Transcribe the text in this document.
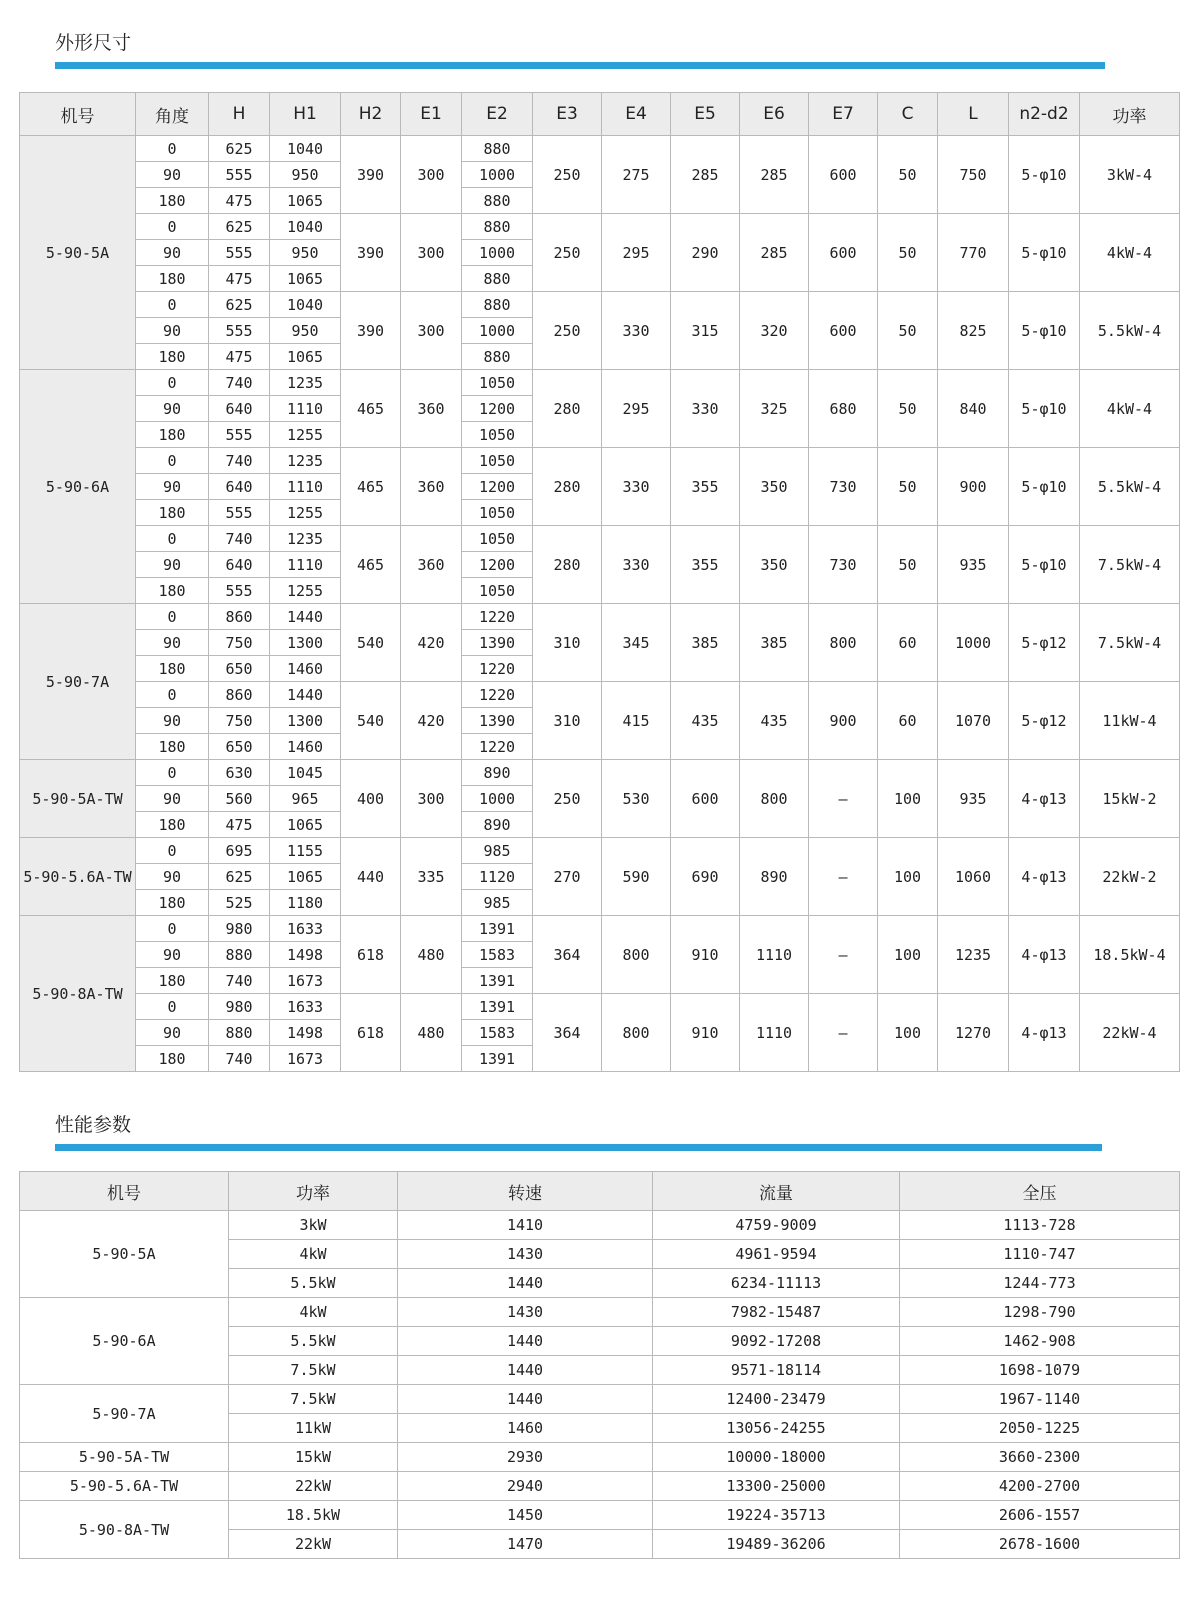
外形尺寸
机号	角度	H	H1	H2	E1	E2	E3	E4	E5	E6	E7	C	L	n2-d2	功率
5-90-5A	0	625	1040	390	300	880	250	275	285	285	600	50	750	5-φ10	3kW-4
	90	555	950			1000									
	180	475	1065			880									
	0	625	1040	390	300	880	250	295	290	285	600	50	770	5-φ10	4kW-4
	90	555	950			1000									
	180	475	1065			880									
	0	625	1040	390	300	880	250	330	315	320	600	50	825	5-φ10	5.5kW-4
	90	555	950			1000									
	180	475	1065			880									
5-90-6A	0	740	1235	465	360	1050	280	295	330	325	680	50	840	5-φ10	4kW-4
	90	640	1110			1200									
	180	555	1255			1050									
	0	740	1235	465	360	1050	280	330	355	350	730	50	900	5-φ10	5.5kW-4
	90	640	1110			1200									
	180	555	1255			1050									
	0	740	1235	465	360	1050	280	330	355	350	730	50	935	5-φ10	7.5kW-4
	90	640	1110			1200									
	180	555	1255			1050									
5-90-7A	0	860	1440	540	420	1220	310	345	385	385	800	60	1000	5-φ12	7.5kW-4
	90	750	1300			1390									
	180	650	1460			1220									
	0	860	1440	540	420	1220	310	415	435	435	900	60	1070	5-φ12	11kW-4
	90	750	1300			1390									
	180	650	1460			1220									
5-90-5A-TW	0	630	1045	400	300	890	250	530	600	800	—	100	935	4-φ13	15kW-2
	90	560	965			1000									
	180	475	1065			890									
5-90-5.6A-TW	0	695	1155	440	335	985	270	590	690	890	—	100	1060	4-φ13	22kW-2
	90	625	1065			1120									
	180	525	1180			985									
5-90-8A-TW	0	980	1633	618	480	1391	364	800	910	1110	—	100	1235	4-φ13	18.5kW-4
	90	880	1498			1583									
	180	740	1673			1391									
	0	980	1633	618	480	1391	364	800	910	1110	—	100	1270	4-φ13	22kW-4
	90	880	1498			1583									
	180	740	1673			1391									
性能参数
机号	功率	转速	流量	全压
5-90-5A	3kW	1410	4759-9009	1113-728
	4kW	1430	4961-9594	1110-747
	5.5kW	1440	6234-11113	1244-773
5-90-6A	4kW	1430	7982-15487	1298-790
	5.5kW	1440	9092-17208	1462-908
	7.5kW	1440	9571-18114	1698-1079
5-90-7A	7.5kW	1440	12400-23479	1967-1140
	11kW	1460	13056-24255	2050-1225
5-90-5A-TW	15kW	2930	10000-18000	3660-2300
5-90-5.6A-TW	22kW	2940	13300-25000	4200-2700
5-90-8A-TW	18.5kW	1450	19224-35713	2606-1557
	22kW	1470	19489-36206	2678-1600
